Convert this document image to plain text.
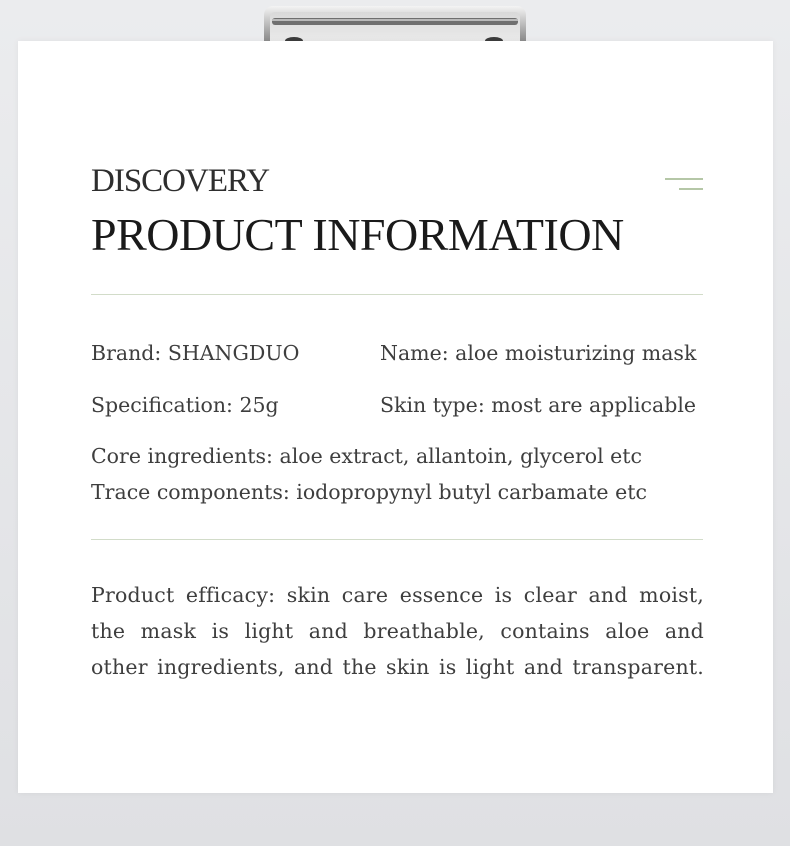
DISCOVERY
PRODUCT INFORMATION

Brand: SHANGDUO	Name: aloe moisturizing mask

Specification: 25g	Skin type: most are applicable

Core ingredients: aloe extract, allantoin, glycerol etc

Trace components: iodopropynyl butyl carbamate etc

Product efficacy: skin care essence is clear and moist,
the mask is light and breathable, contains aloe and
other ingredients, and the skin is light and transparent.
